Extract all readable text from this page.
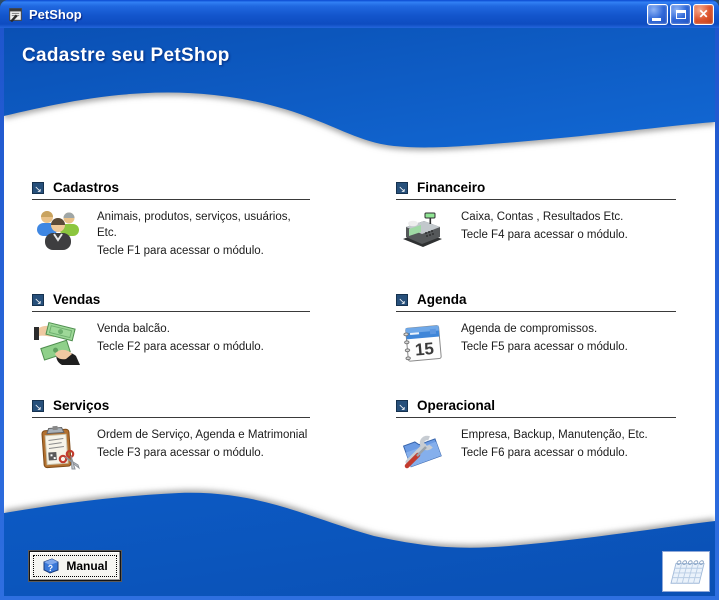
PetShop	✕
Cadastre seu PetShop
↘ Cadastros
Animais, produtos, serviços, usuários, Etc.
Tecle F1 para acessar o módulo.
↘ Financeiro
Caixa, Contas , Resultados Etc.
Tecle F4 para acessar o módulo.
↘ Vendas
Venda balcão.
Tecle F2 para acessar o módulo.
↘ Agenda
15
Agenda de compromissos.
Tecle F5 para acessar o módulo.
↘ Serviços
Ordem de Serviço, Agenda e Matrimonial
Tecle F3 para acessar o módulo.
↘ Operacional
Empresa, Backup, Manutenção, Etc.
Tecle F6 para acessar o módulo.
? Manual
